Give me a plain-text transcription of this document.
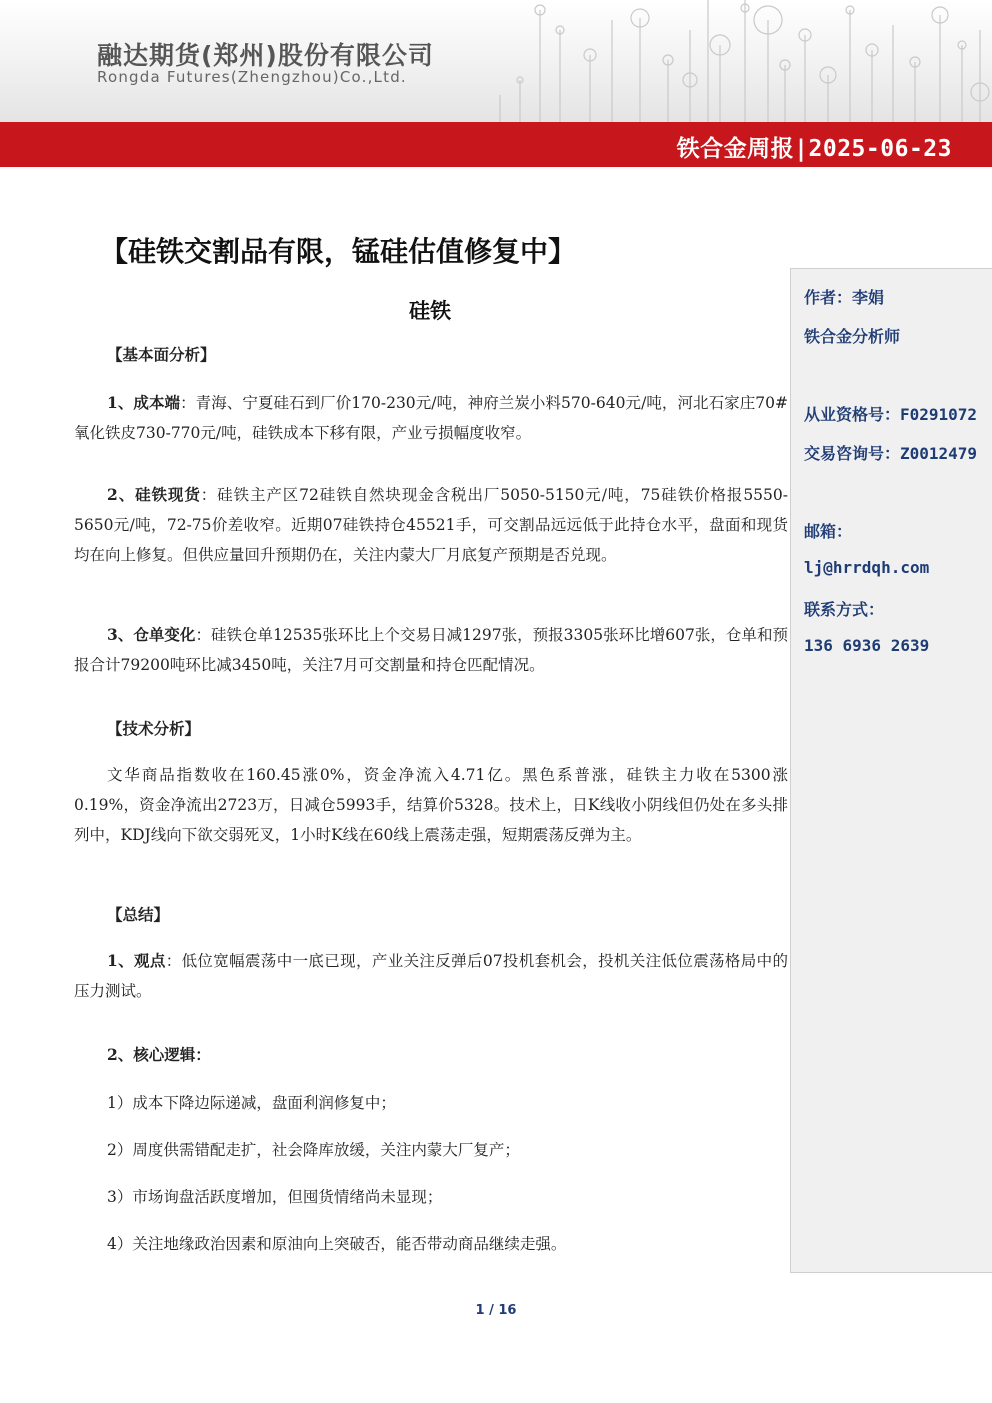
融达期货(郑州)股份有限公司
Rongda Futures(Zhengzhou)Co.,Ltd.
铁合金周报|2025-06-23
【硅铁交割品有限，锰硅估值修复中】
硅铁
【基本面分析】
1、成本端：青海、宁夏硅石到厂价170-230元/吨，神府兰炭小料570-640元/吨，河北石家庄70#氧化铁皮730-770元/吨，硅铁成本下移有限，产业亏损幅度收窄。
2、硅铁现货：硅铁主产区72硅铁自然块现金含税出厂5050-5150元/吨，75硅铁价格报5550-5650元/吨，72-75价差收窄。近期07硅铁持仓45521手，可交割品远远低于此持仓水平，盘面和现货均在向上修复。但供应量回升预期仍在，关注内蒙大厂月底复产预期是否兑现。
3、仓单变化：硅铁仓单12535张环比上个交易日减1297张，预报3305张环比增607张，仓单和预报合计79200吨环比减3450吨，关注7月可交割量和持仓匹配情况。
【技术分析】
文华商品指数收在160.45涨0%，资金净流入4.71亿。黑色系普涨，硅铁主力收在5300涨0.19%，资金净流出2723万，日减仓5993手，结算价5328。技术上，日K线收小阴线但仍处在多头排列中，KDJ线向下欲交弱死叉，1小时K线在60线上震荡走强，短期震荡反弹为主。
【总结】
1、观点：低位宽幅震荡中一底已现，产业关注反弹后07投机套机会，投机关注低位震荡格局中的压力测试。
2、核心逻辑：
1）成本下降边际递减，盘面利润修复中；
2）周度供需错配走扩，社会降库放缓，关注内蒙大厂复产；
3）市场询盘活跃度增加，但囤货情绪尚未显现；
4）关注地缘政治因素和原油向上突破否，能否带动商品继续走强。
作者：李娟
铁合金分析师
从业资格号：F0291072
交易咨询号：Z0012479
邮箱：
lj@hrrdqh.com
联系方式：
136 6936 2639
1 / 16
